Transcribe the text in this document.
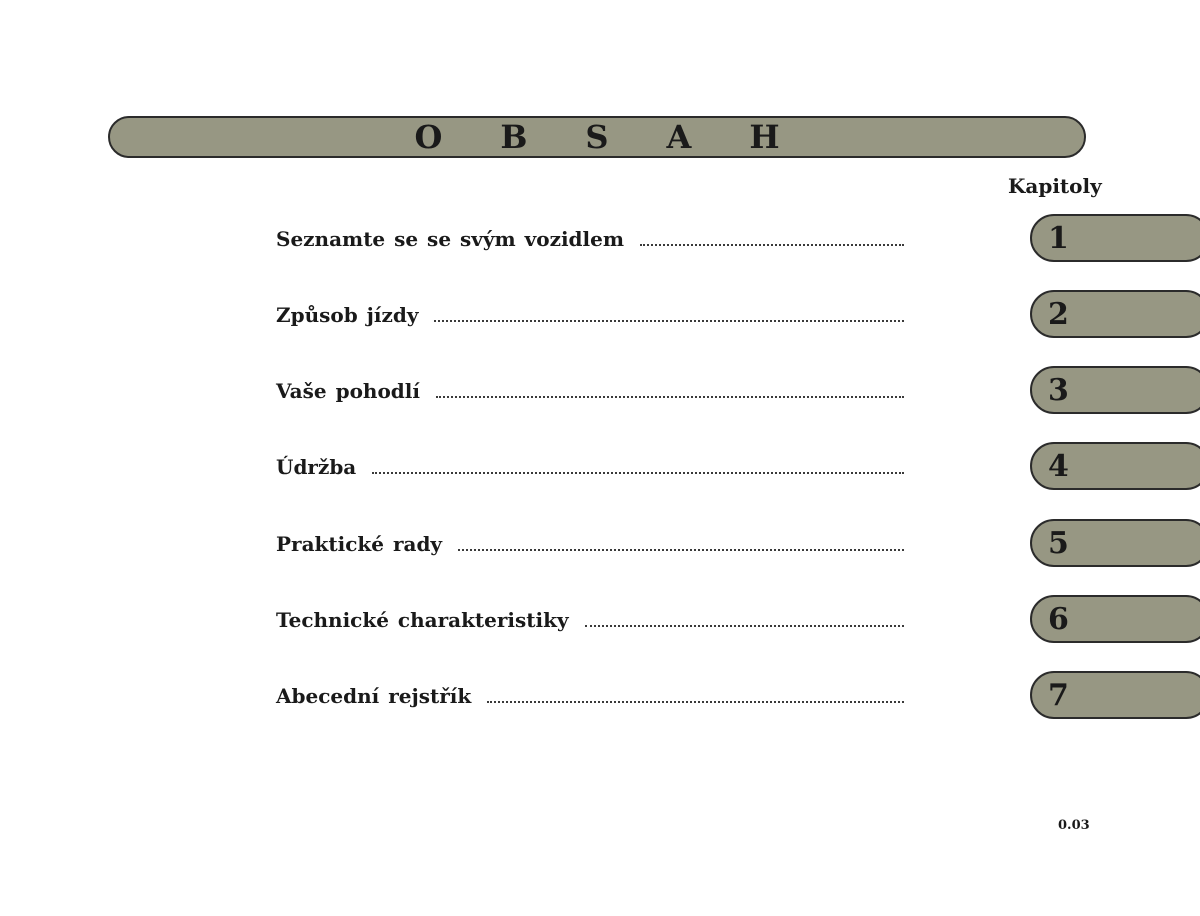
OBSAH
Kapitoly
Seznamte se se svým vozidlem	1
Způsob jízdy	2
Vaše pohodlí	3
Údržba	4
Praktické rady	5
Technické charakteristiky	6
Abecední rejstřík	7
0.03
